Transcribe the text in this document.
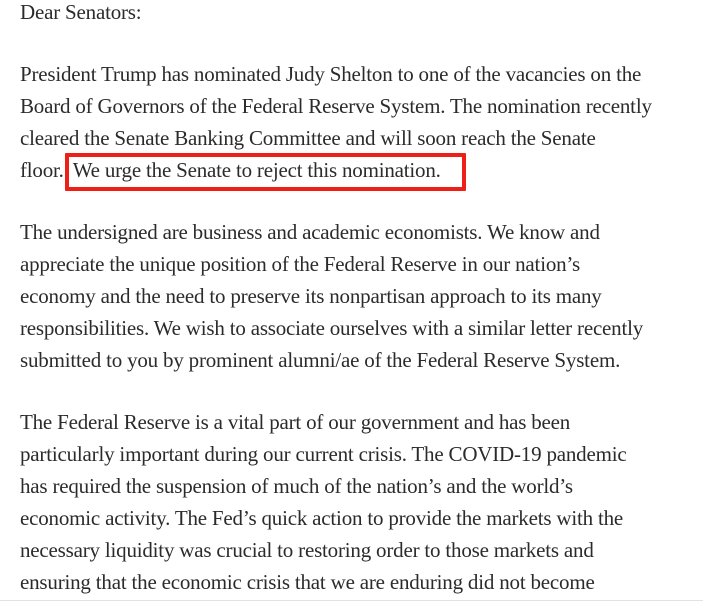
Dear Senators:
President Trump has nominated Judy Shelton to one of the vacancies on the
Board of Governors of the Federal Reserve System. The nomination recently
cleared the Senate Banking Committee and will soon reach the Senate
floor. We urge the Senate to reject this nomination.
The undersigned are business and academic economists. We know and
appreciate the unique position of the Federal Reserve in our nation’s
economy and the need to preserve its nonpartisan approach to its many
responsibilities. We wish to associate ourselves with a similar letter recently
submitted to you by prominent alumni/ae of the Federal Reserve System.
The Federal Reserve is a vital part of our government and has been
particularly important during our current crisis. The COVID-19 pandemic
has required the suspension of much of the nation’s and the world’s
economic activity. The Fed’s quick action to provide the markets with the
necessary liquidity was crucial to restoring order to those markets and
ensuring that the economic crisis that we are enduring did not become
